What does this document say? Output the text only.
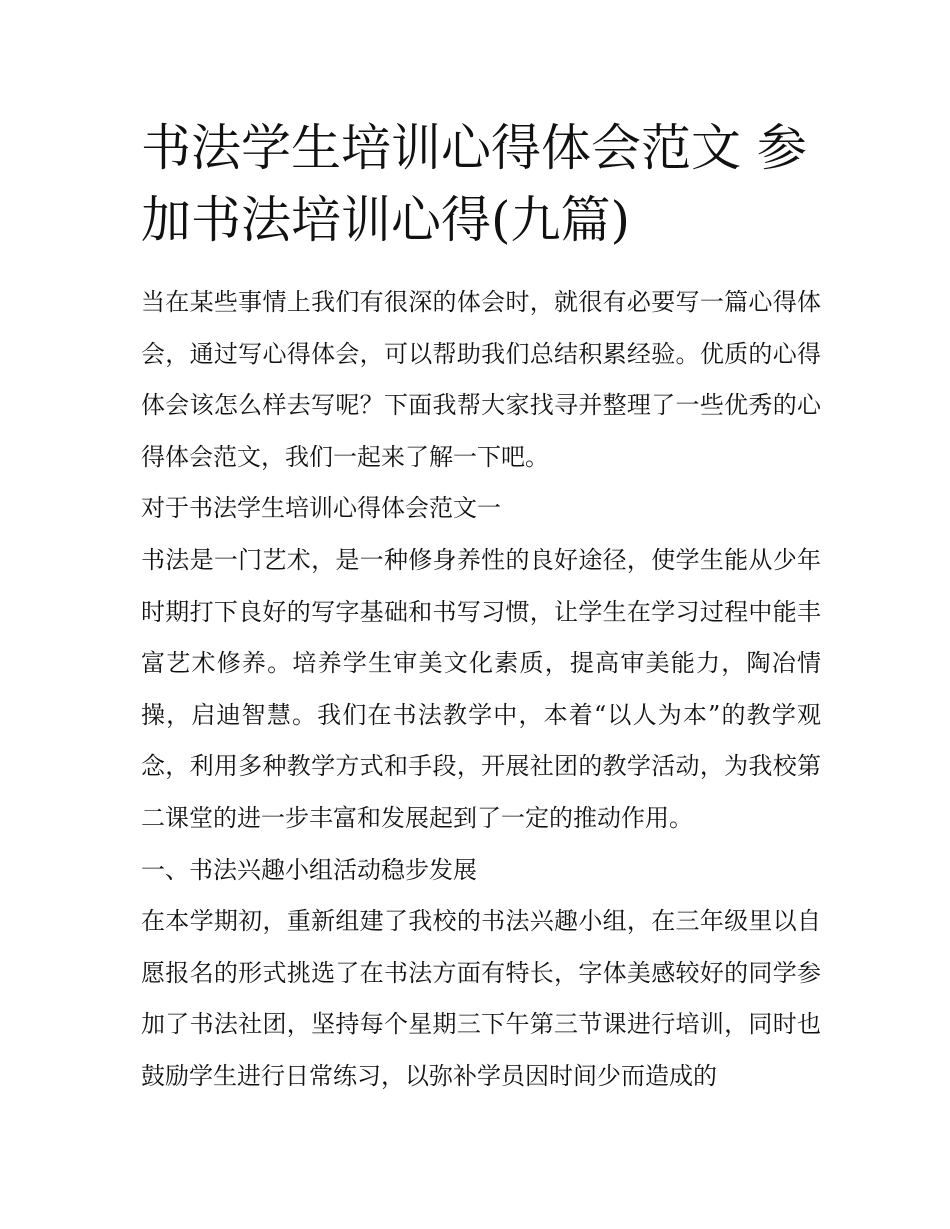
书法学生培训心得体会范文 参加书法培训心得(九篇)

当在某些事情上我们有很深的体会时，就很有必要写一篇心得体会，通过写心得体会，可以帮助我们总结积累经验。优质的心得体会该怎么样去写呢？下面我帮大家找寻并整理了一些优秀的心得体会范文，我们一起来了解一下吧。

对于书法学生培训心得体会范文一

书法是一门艺术，是一种修身养性的良好途径，使学生能从少年时期打下良好的写字基础和书写习惯，让学生在学习过程中能丰富艺术修养。培养学生审美文化素质，提高审美能力，陶冶情操，启迪智慧。我们在书法教学中，本着“以人为本”的教学观念，利用多种教学方式和手段，开展社团的教学活动，为我校第二课堂的进一步丰富和发展起到了一定的推动作用。

一、书法兴趣小组活动稳步发展

在本学期初，重新组建了我校的书法兴趣小组，在三年级里以自愿报名的形式挑选了在书法方面有特长，字体美感较好的同学参加了书法社团，坚持每个星期三下午第三节课进行培训，同时也鼓励学生进行日常练习，以弥补学员因时间少而造成的
